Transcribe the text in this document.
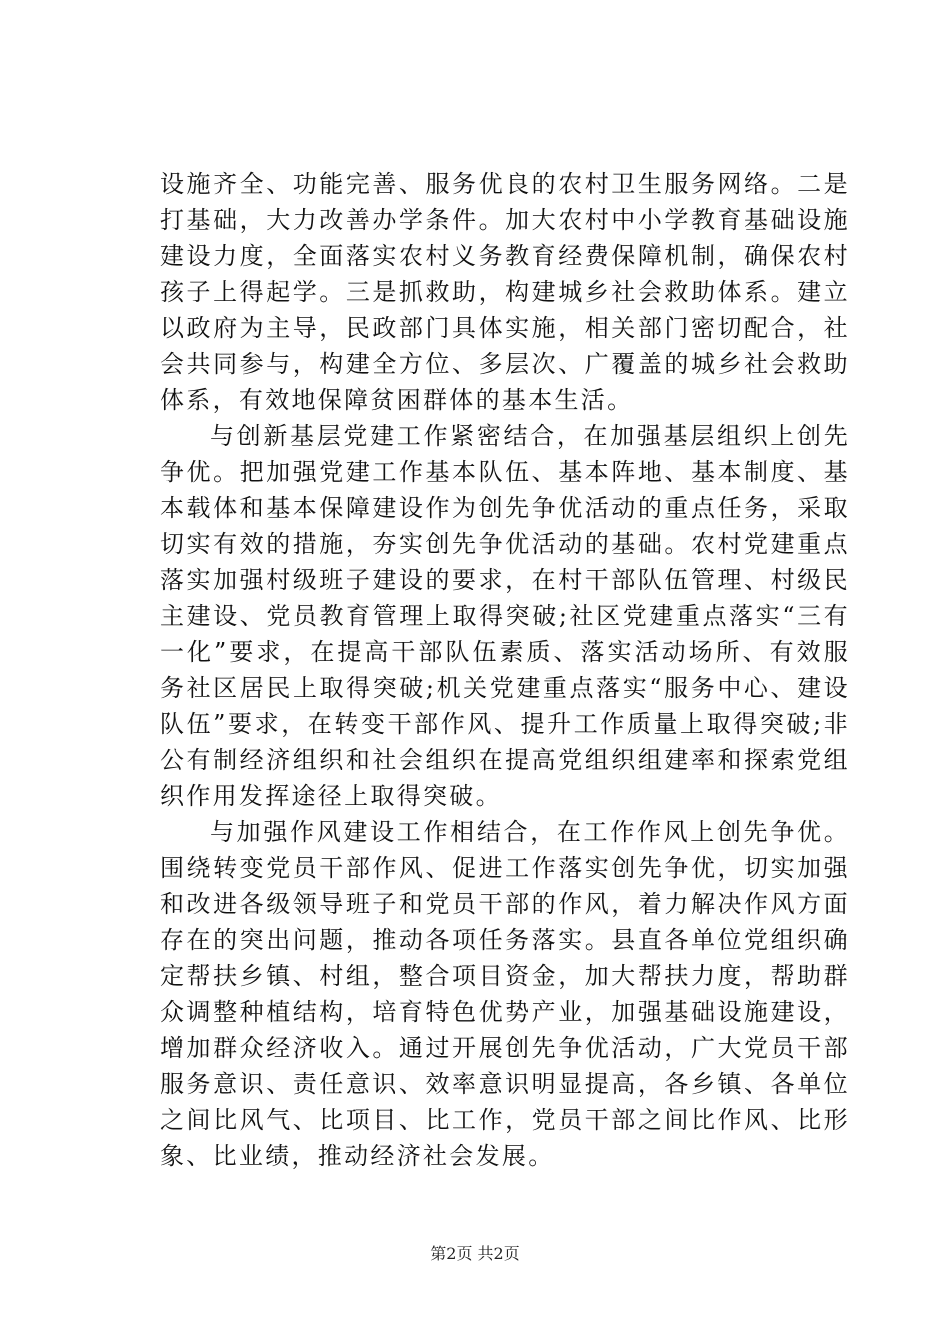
设施齐全、功能完善、服务优良的农村卫生服务网络。二是打基础，大力改善办学条件。加大农村中小学教育基础设施建设力度，全面落实农村义务教育经费保障机制，确保农村孩子上得起学。三是抓救助，构建城乡社会救助体系。建立以政府为主导，民政部门具体实施，相关部门密切配合，社会共同参与，构建全方位、多层次、广覆盖的城乡社会救助体系，有效地保障贫困群体的基本生活。

与创新基层党建工作紧密结合，在加强基层组织上创先争优。把加强党建工作基本队伍、基本阵地、基本制度、基本载体和基本保障建设作为创先争优活动的重点任务，采取切实有效的措施，夯实创先争优活动的基础。农村党建重点落实加强村级班子建设的要求，在村干部队伍管理、村级民主建设、党员教育管理上取得突破;社区党建重点落实“三有一化”要求，在提高干部队伍素质、落实活动场所、有效服务社区居民上取得突破;机关党建重点落实“服务中心、建设队伍”要求，在转变干部作风、提升工作质量上取得突破;非公有制经济组织和社会组织在提高党组织组建率和探索党组织作用发挥途径上取得突破。

与加强作风建设工作相结合，在工作作风上创先争优。围绕转变党员干部作风、促进工作落实创先争优，切实加强和改进各级领导班子和党员干部的作风，着力解决作风方面存在的突出问题，推动各项任务落实。县直各单位党组织确定帮扶乡镇、村组，整合项目资金，加大帮扶力度，帮助群众调整种植结构，培育特色优势产业，加强基础设施建设，增加群众经济收入。通过开展创先争优活动，广大党员干部服务意识、责任意识、效率意识明显提高，各乡镇、各单位之间比风气、比项目、比工作，党员干部之间比作风、比形象、比业绩，推动经济社会发展。

第2页 共2页
